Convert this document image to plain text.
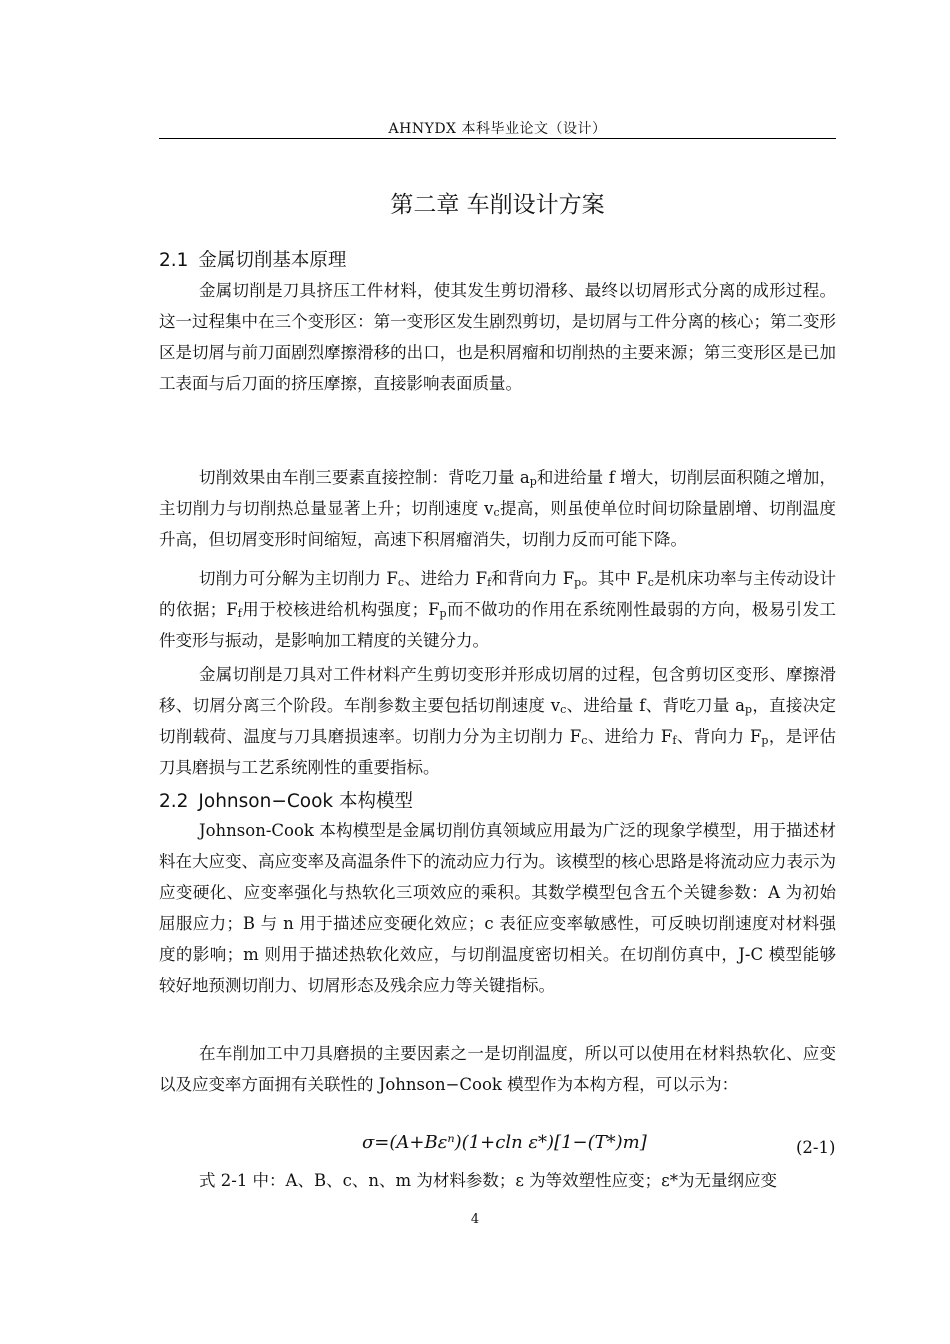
AHNYDX 本科毕业论文（设计）
第二章 车削设计方案
2.1 金属切削基本原理
金属切削是刀具挤压工件材料，使其发生剪切滑移、最终以切屑形式分离的成形过程。这一过程集中在三个变形区：第一变形区发生剧烈剪切，是切屑与工件分离的核心；第二变形区是切屑与前刀面剧烈摩擦滑移的出口，也是积屑瘤和切削热的主要来源；第三变形区是已加工表面与后刀面的挤压摩擦，直接影响表面质量。
切削效果由车削三要素直接控制：背吃刀量 $a_p$和进给量 f 增大，切削层面积随之增加，主切削力与切削热总量显著上升；切削速度 $v_c$提高，则虽使单位时间切除量剧增、切削温度升高，但切屑变形时间缩短，高速下积屑瘤消失，切削力反而可能下降。
切削力可分解为主切削力 $F_c$、进给力 $F_f$和背向力 $F_p$。其中 $F_c$是机床功率与主传动设计的依据；$F_f$用于校核进给机构强度；$F_p$而不做功的作用在系统刚性最弱的方向，极易引发工件变形与振动，是影响加工精度的关键分力。
金属切削是刀具对工件材料产生剪切变形并形成切屑的过程，包含剪切区变形、摩擦滑移、切屑分离三个阶段。车削参数主要包括切削速度 $v_c$、进给量 f、背吃刀量 $a_p$，直接决定切削载荷、温度与刀具磨损速率。切削力分为主切削力 $F_c$、进给力 $F_f$、背向力 $F_p$，是评估刀具磨损与工艺系统刚性的重要指标。
2.2 Johnson−Cook 本构模型
Johnson-Cook 本构模型是金属切削仿真领域应用最为广泛的现象学模型，用于描述材料在大应变、高应变率及高温条件下的流动应力行为。该模型的核心思路是将流动应力表示为应变硬化、应变率强化与热软化三项效应的乘积。其数学模型包含五个关键参数：A 为初始屈服应力；B 与 n 用于描述应变硬化效应；c 表征应变率敏感性，可反映切削速度对材料强度的影响；m 则用于描述热软化效应，与切削温度密切相关。在切削仿真中，J-C 模型能够较好地预测切削力、切屑形态及残余应力等关键指标。
在车削加工中刀具磨损的主要因素之一是切削温度，所以可以使用在材料热软化、应变以及应变率方面拥有关联性的 Johnson−Cook 模型作为本构方程，可以示为：
σ=(A+Bεⁿ)(1+cln ε*)[1−(T*)m]	(2-1)
式 2-1 中：A、B、c、n、m 为材料参数；ε 为等效塑性应变；ε*为无量纲应变
4
